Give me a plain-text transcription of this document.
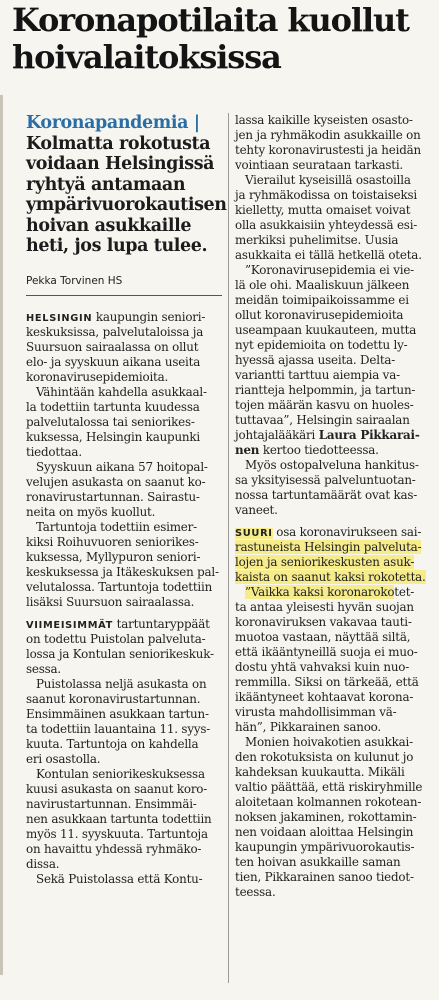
Koronapotilaita kuollut
hoivalaitoksissa
Koronapandemia |
Kolmatta rokotusta
voidaan Helsingissä
ryhtyä antamaan
ympärivuorokautisen
hoivan asukkaille
heti, jos lupa tulee.
Pekka Torvinen HS
HELSINGIN kaupungin seniori-
keskuksissa, palvelutaloissa ja
Suursuon sairaalassa on ollut
elo- ja syyskuun aikana useita
koronavirusepidemioita.
Vähintään kahdella asukkaal-
la todettiin tartunta kuudessa
palvelutalossa tai seniorikes-
kuksessa, Helsingin kaupunki
tiedottaa.
Syyskuun aikana 57 hoitopal-
velujen asukasta on saanut ko-
ronavirustartunnan. Sairastu-
neita on myös kuollut.
Tartuntoja todettiin esimer-
kiksi Roihuvuoren seniorikes-
kuksessa, Myllypuron seniori-
keskuksessa ja Itäkeskuksen pal-
velutalossa. Tartuntoja todettiin
lisäksi Suursuon sairaalassa.
VIIMEISIMMÄT tartuntaryppäät
on todettu Puistolan palveluta-
lossa ja Kontulan seniorikeskuk-
sessa.
Puistolassa neljä asukasta on
saanut koronavirustartunnan.
Ensimmäinen asukkaan tartun-
ta todettiin lauantaina 11. syys-
kuuta. Tartuntoja on kahdella
eri osastolla.
Kontulan seniorikeskuksessa
kuusi asukasta on saanut koro-
navirustartunnan. Ensimmäi-
nen asukkaan tartunta todettiin
myös 11. syyskuuta. Tartuntoja
on havaittu yhdessä ryhmäko-
dissa.
Sekä Puistolassa että Kontu-
lassa kaikille kyseisten osasto-
jen ja ryhmäkodin asukkaille on
tehty koronavirustesti ja heidän
vointiaan seurataan tarkasti.
Vierailut kyseisillä osastoilla
ja ryhmäkodissa on toistaiseksi
kielletty, mutta omaiset voivat
olla asukkaisiin yhteydessä esi-
merkiksi puhelimitse. Uusia
asukkaita ei tällä hetkellä oteta.
”Koronavirusepidemia ei vie-
lä ole ohi. Maaliskuun jälkeen
meidän toimipaikoissamme ei
ollut koronavirusepidemioita
useampaan kuukauteen, mutta
nyt epidemioita on todettu ly-
hyessä ajassa useita. Delta-
variantti tarttuu aiempia va-
riantteja helpommin, ja tartun-
tojen määrän kasvu on huoles-
tuttavaa”, Helsingin sairaalan
johtajalääkäri Laura Pikkarai-
nen kertoo tiedotteessa.
Myös ostopalveluna hankitus-
sa yksityisessä palveluntuotan-
nossa tartuntamäärät ovat kas-
vaneet.
SUURI osa koronavirukseen sai-
rastuneista Helsingin palveluta-
lojen ja seniorikeskusten asuk-
kaista on saanut kaksi rokotetta.
”Vaikka kaksi koronarokotet-
ta antaa yleisesti hyvän suojan
koronaviruksen vakavaa tauti-
muotoa vastaan, näyttää siltä,
että ikääntyneillä suoja ei muo-
dostu yhtä vahvaksi kuin nuo-
remmilla. Siksi on tärkeää, että
ikääntyneet kohtaavat korona-
virusta mahdollisimman vä-
hän”, Pikkarainen sanoo.
Monien hoivakotien asukkai-
den rokotuksista on kulunut jo
kahdeksan kuukautta. Mikäli
valtio päättää, että riskiryhmille
aloitetaan kolmannen rokotean-
noksen jakaminen, rokottamin-
nen voidaan aloittaa Helsingin
kaupungin ympärivuorokautis-
ten hoivan asukkaille saman
tien, Pikkarainen sanoo tiedot-
teessa.
